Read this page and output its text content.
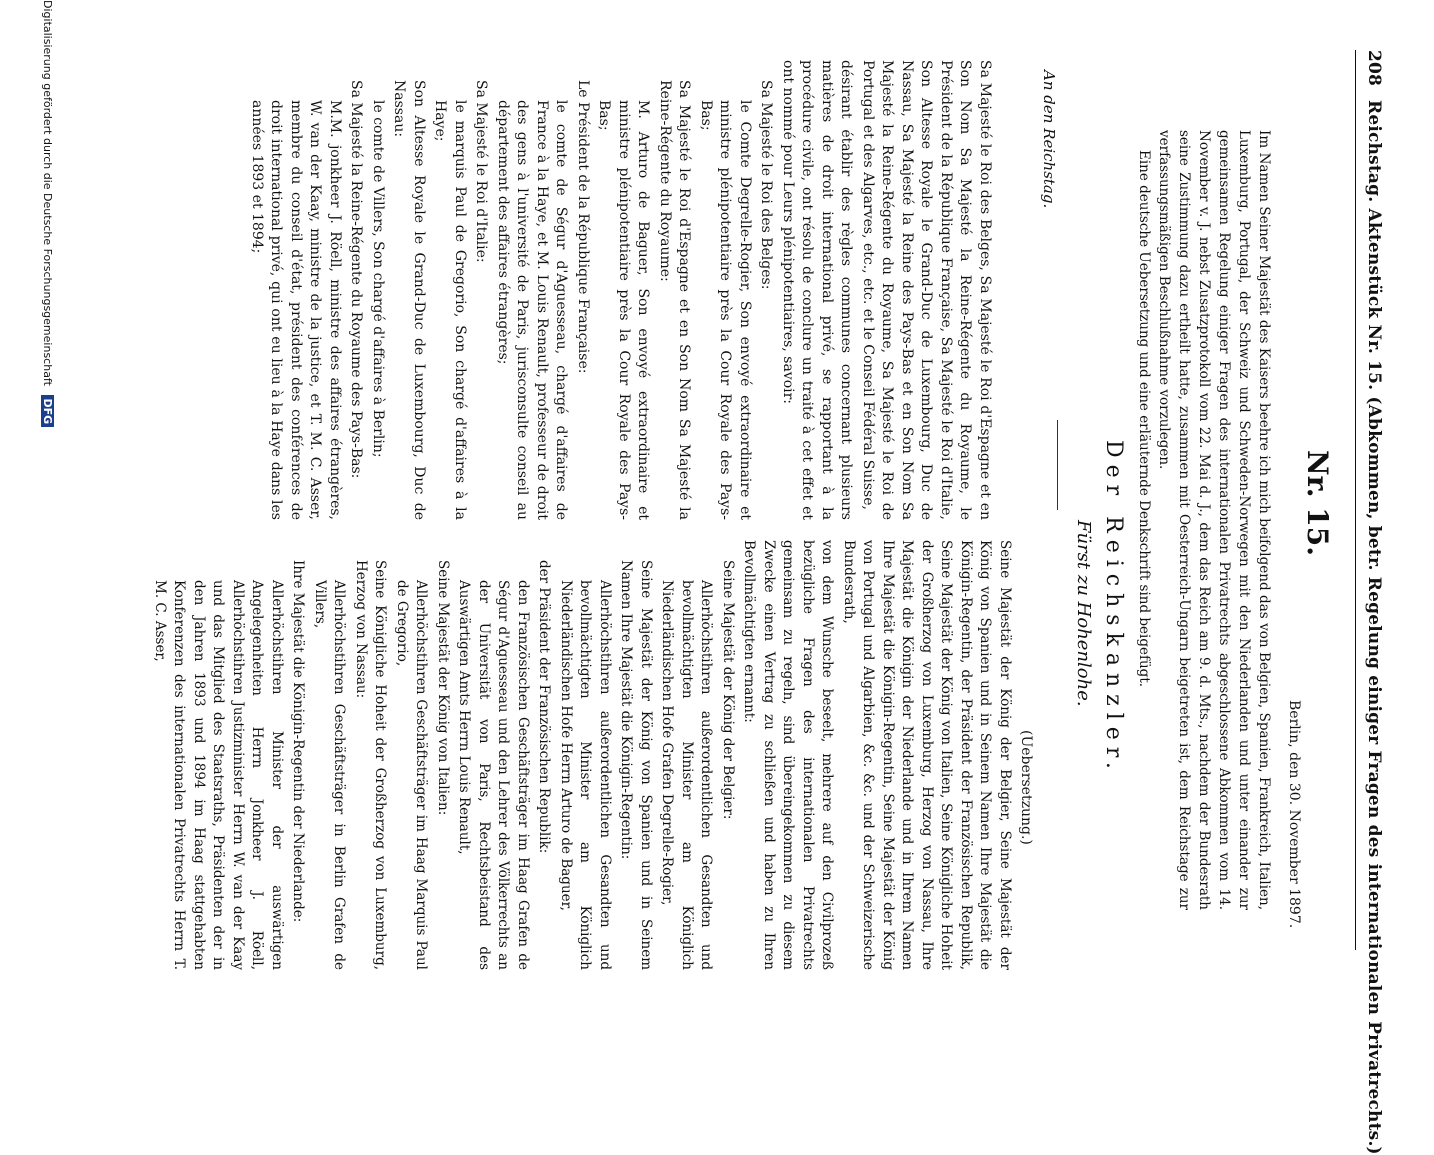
208
Reichstag. Aktenstück Nr. 15. (Abkommen, betr. Regelung einiger Fragen des internationalen Privatrechts.)
Nr. 15.
Berlin, den 30. November 1897.

Im Namen Seiner Majestät des Kaisers beehre ich mich beifolgend das von Belgien, Spanien, Frankreich, Italien, Luxemburg, Portugal, der Schweiz und Schweden-Norwegen mit den Niederlanden und unter einander zur gemeinsamen Regelung einiger Fragen des internationalen Privatrechts abgeschlossene Abkommen vom 14. November v. J. nebst Zusatzprotokoll vom 22. Mai d. J., dem das Reich am 9. d. Mts., nachdem der Bundesrath seine Zustimmung dazu ertheilt hatte, zusammen mit Oesterreich-Ungarn beigetreten ist, dem Reichstage zur verfassungsmäßigen Beschlußnahme vorzulegen.

Eine deutsche Uebersetzung und eine erläuternde Denkschrift sind beigefügt.

Der Reichskanzler.
Fürst zu Hohenlohe.
An den Reichstag.
(Uebersetzung.)

Sa Majesté le Roi des Belges, Sa Majesté le Roi d'Espagne et en Son Nom Sa Majesté la Reine-Régente du Royaume, le Président de la République Française, Sa Majesté le Roi d'Italie, Son Altesse Royale le Grand-Duc de Luxembourg, Duc de Nassau, Sa Majesté la Reine des Pays-Bas et en Son Nom Sa Majesté la Reine-Régente du Royaume, Sa Majesté le Roi de Portugal et des Algarves, etc., etc. et le Conseil Fédéral Suisse,

désirant établir des règles communes concernant plusieurs matières de droit international privé, se rapportant à la procédure civile, ont résolu de conclure un traité à cet effet et ont nommé pour Leurs plénipotentiaires, savoir:

Sa Majesté le Roi des Belges:

le Comte Degrelle-Rogier, Son envoyé extraordinaire et ministre plénipotentiaire près la Cour Royale des Pays-Bas;

Sa Majesté le Roi d'Espagne et en Son Nom Sa Majesté la Reine-Régente du Royaume:

M. Arturo de Baguer, Son envoyé extraordinaire et ministre plénipotentiaire près la Cour Royale des Pays-Bas;

Le Président de la République Française:

le comte de Ségur d'Aguesseau, chargé d'affaires de France à la Haye, et M. Louis Renault, professeur de droit des gens à l'université de Paris, jurisconsulte conseil au département des affaires étrangères;

Sa Majesté le Roi d'Italie:

le marquis Paul de Gregorio, Son chargé d'affaires à la Haye;

Son Altesse Royale le Grand-Duc de Luxembourg, Duc de Nassau:

le comte de Villers, Son chargé d'affaires à Berlin;

Sa Majesté la Reine-Régente du Royaume des Pays-Bas:

M.M. jonkheer J. Röell, ministre des affaires étrangères, W. van der Kaay, ministre de la justice, et T. M. C. Asser, membre du conseil d'état, président des conférences de droit international privé, qui ont eu lieu à la Haye dans les années 1893 et 1894;

Seine Majestät der König der Belgier, Seine Majestät der König von Spanien und in Seinem Namen Ihre Majestät die Königin-Regentin, der Präsident der Französischen Republik, Seine Majestät der König von Italien, Seine Königliche Hoheit der Großherzog von Luxemburg, Herzog von Nassau, Ihre Majestät die Königin der Niederlande und in Ihrem Namen Ihre Majestät die Königin-Regentin, Seine Majestät der König von Portugal und Algarbien, &c. &c. und der Schweizerische Bundesrath,

von dem Wunsche beseelt, mehrere auf den Civilprozeß bezügliche Fragen des internationalen Privatrechts gemeinsam zu regeln, sind übereingekommen zu diesem Zwecke einen Vertrag zu schließen und haben zu Ihren Bevollmächtigten ernannt:

Seine Majestät der König der Belgier:

Allerhöchstihren außerordentlichen Gesandten und bevollmächtigten Minister am Königlich Niederländischen Hofe Grafen Degrelle-Rogier,

Seine Majestät der König von Spanien und in Seinem Namen Ihre Majestät die Königin-Regentin:

Allerhöchstihren außerordentlichen Gesandten und bevollmächtigten Minister am Königlich Niederländischen Hofe Herrn Arturo de Baguer,

der Präsident der Französischen Republik:

den Französischen Geschäftsträger im Haag Grafen de Ségur d'Aguesseau und den Lehrer des Völkerrechts an der Universität von Paris, Rechtsbeistand des Auswärtigen Amts Herrn Louis Renault,

Seine Majestät der König von Italien:

Allerhöchstihren Geschäftsträger im Haag Marquis Paul de Gregorio,

Seine Königliche Hoheit der Großherzog von Luxemburg, Herzog von Nassau:

Allerhöchstihren Geschäftsträger in Berlin Grafen de Villers,

Ihre Majestät die Königin-Regentin der Niederlande:

Allerhöchstihren Minister der auswärtigen Angelegenheiten Herrn Jonkheer J. Röell, Allerhöchstihren Justizminister Herrn W. van der Kaay und das Mitglied des Staatsraths, Präsidenten der in den Jahren 1893 und 1894 im Haag stattgehabten Konferenzen des internationalen Privatrechts Herrn T. M. C. Asser,

Digitalisierung gefördert durch die Deutsche Forschungsgemeinschaft DFG
